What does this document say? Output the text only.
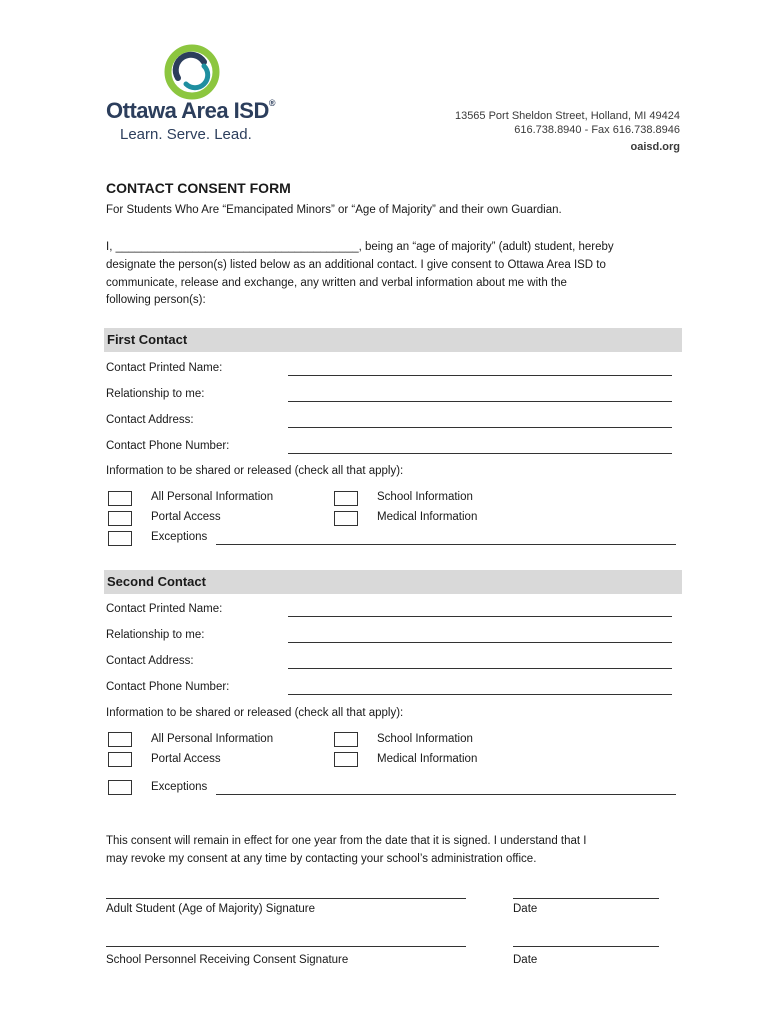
Ottawa Area ISD®
Learn. Serve. Lead.
13565 Port Sheldon Street, Holland, MI 49424
616.738.8940 - Fax 616.738.8946
oaisd.org
CONTACT CONSENT FORM
For Students Who Are “Emancipated Minors” or “Age of Majority” and their own Guardian.
I, ______________________________________, being an “age of majority” (adult) student, hereby
designate the person(s) listed below as an additional contact. I give consent to Ottawa Area ISD to
communicate, release and exchange, any written and verbal information about me with the
following person(s):
First Contact
Contact Printed Name:
Relationship to me:
Contact Address:
Contact Phone Number:
Information to be shared or released (check all that apply):
All Personal Information	School Information
Portal Access	Medical Information
Exceptions
Second Contact
Contact Printed Name:
Relationship to me:
Contact Address:
Contact Phone Number:
Information to be shared or released (check all that apply):
All Personal Information	School Information
Portal Access	Medical Information
Exceptions
This consent will remain in effect for one year from the date that it is signed. I understand that I
may revoke my consent at any time by contacting your school’s administration office.
Adult Student (Age of Majority) Signature	Date
School Personnel Receiving Consent Signature	Date
